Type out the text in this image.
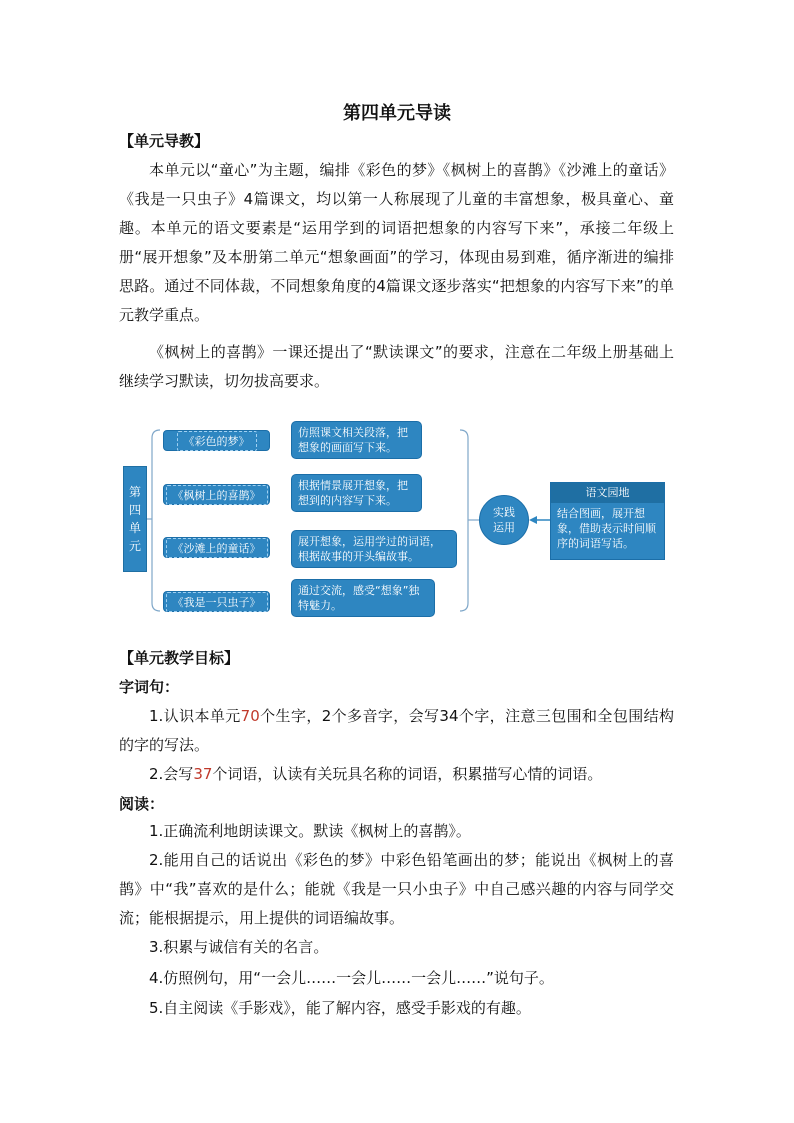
第四单元导读
【单元导教】
本单元以“童心”为主题，编排《彩色的梦》《枫树上的喜鹊》《沙滩上的童话》《我是一只虫子》4篇课文，均以第一人称展现了儿童的丰富想象，极具童心、童趣。本单元的语文要素是“运用学到的词语把想象的内容写下来”，承接二年级上册“展开想象”及本册第二单元“想象画面”的学习，体现由易到难，循序渐进的编排思路。通过不同体裁，不同想象角度的4篇课文逐步落实“把想象的内容写下来”的单元教学重点。
《枫树上的喜鹊》一课还提出了“默读课文”的要求，注意在二年级上册基础上继续学习默读，切勿拔高要求。
第四单元
《彩色的梦》
《枫树上的喜鹊》
《沙滩上的童话》
《我是一只虫子》
仿照课文相关段落，把想象的画面写下来。
根据情景展开想象，把想到的内容写下来。
展开想象，运用学过的词语，根据故事的开头编故事。
通过交流，感受“想象”独特魅力。
实践运用
语文园地
结合图画，展开想象，借助表示时间顺序的词语写话。
【单元教学目标】
字词句：
1.认识本单元70个生字，2个多音字，会写34个字，注意三包围和全包围结构的字的写法。
2.会写37个词语，认读有关玩具名称的词语，积累描写心情的词语。
阅读：
1.正确流利地朗读课文。默读《枫树上的喜鹊》。
2.能用自己的话说出《彩色的梦》中彩色铅笔画出的梦；能说出《枫树上的喜鹊》中“我”喜欢的是什么；能就《我是一只小虫子》中自己感兴趣的内容与同学交流；能根据提示，用上提供的词语编故事。
3.积累与诚信有关的名言。
4.仿照例句，用“一会儿……一会儿……一会儿……”说句子。
5.自主阅读《手影戏》，能了解内容，感受手影戏的有趣。
